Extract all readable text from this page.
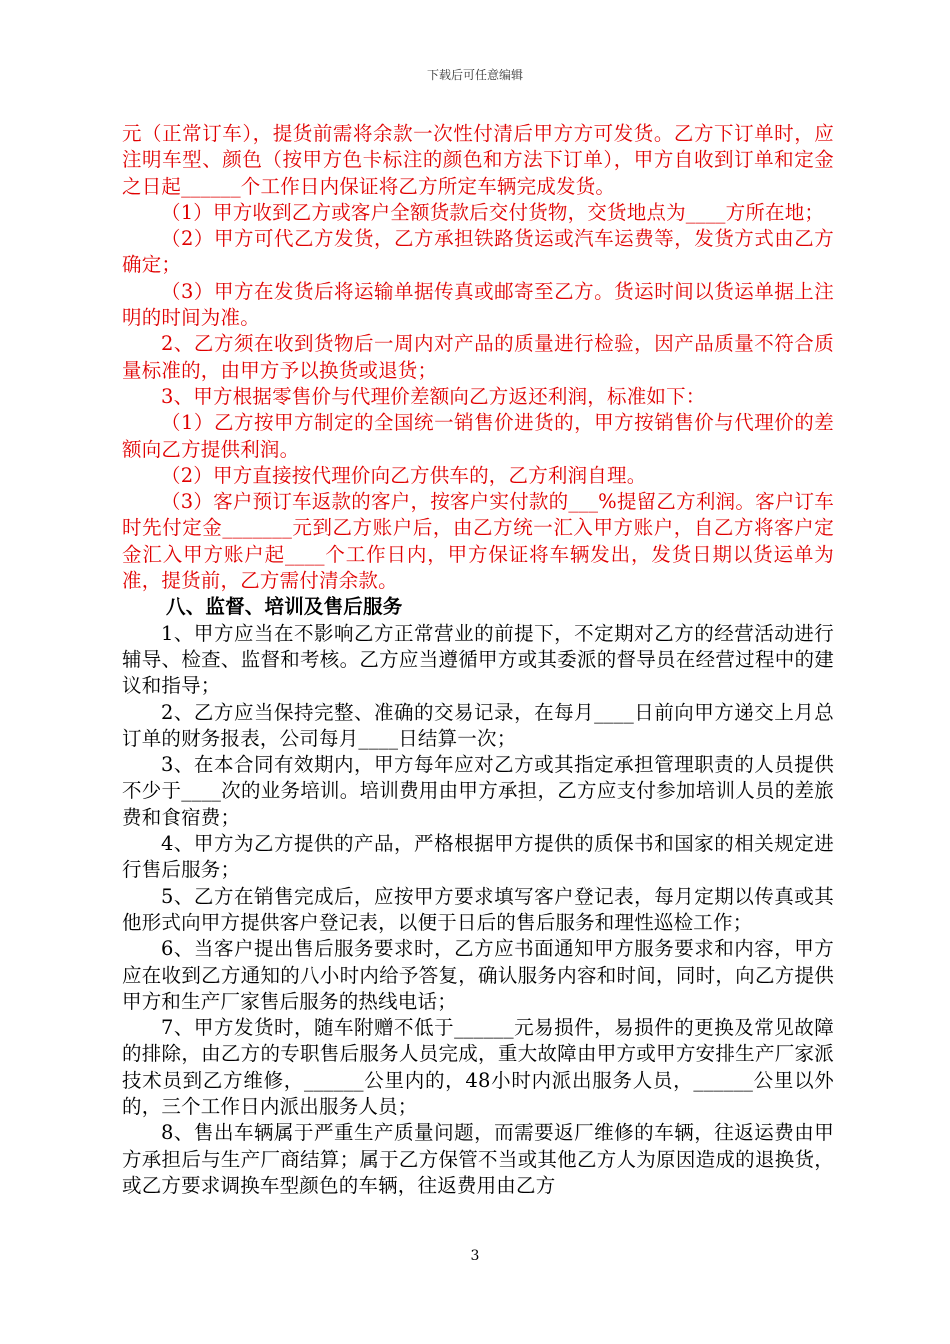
下载后可任意编辑

元（正常订车），提货前需将余款一次性付清后甲方方可发货。乙方下订单时，应注明车型、颜色（按甲方色卡标注的颜色和方法下订单），甲方自收到订单和定金之日起______个工作日内保证将乙方所定车辆完成发货。

（1）甲方收到乙方或客户全额货款后交付货物，交货地点为____方所在地；

（2）甲方可代乙方发货，乙方承担铁路货运或汽车运费等，发货方式由乙方确定；

（3）甲方在发货后将运输单据传真或邮寄至乙方。货运时间以货运单据上注明的时间为准。

2、乙方须在收到货物后一周内对产品的质量进行检验，因产品质量不符合质量标准的，由甲方予以换货或退货；

3、甲方根据零售价与代理价差额向乙方返还利润，标准如下：

（1）乙方按甲方制定的全国统一销售价进货的，甲方按销售价与代理价的差额向乙方提供利润。

（2）甲方直接按代理价向乙方供车的，乙方利润自理。

（3）客户预订车返款的客户，按客户实付款的___%提留乙方利润。客户订车时先付定金_______元到乙方账户后，由乙方统一汇入甲方账户，自乙方将客户定金汇入甲方账户起____个工作日内，甲方保证将车辆发出，发货日期以货运单为准，提货前，乙方需付清余款。

八、监督、培训及售后服务

1、甲方应当在不影响乙方正常营业的前提下，不定期对乙方的经营活动进行辅导、检查、监督和考核。乙方应当遵循甲方或其委派的督导员在经营过程中的建议和指导；

2、乙方应当保持完整、准确的交易记录，在每月____日前向甲方递交上月总订单的财务报表，公司每月____日结算一次；

3、在本合同有效期内，甲方每年应对乙方或其指定承担管理职责的人员提供不少于____次的业务培训。培训费用由甲方承担，乙方应支付参加培训人员的差旅费和食宿费；

4、甲方为乙方提供的产品，严格根据甲方提供的质保书和国家的相关规定进行售后服务；

5、乙方在销售完成后，应按甲方要求填写客户登记表，每月定期以传真或其他形式向甲方提供客户登记表，以便于日后的售后服务和理性巡检工作；

6、当客户提出售后服务要求时，乙方应书面通知甲方服务要求和内容，甲方应在收到乙方通知的八小时内给予答复，确认服务内容和时间，同时，向乙方提供甲方和生产厂家售后服务的热线电话；

7、甲方发货时，随车附赠不低于______元易损件，易损件的更换及常见故障的排除，由乙方的专职售后服务人员完成，重大故障由甲方或甲方安排生产厂家派技术员到乙方维修，______公里内的，48小时内派出服务人员，______公里以外的，三个工作日内派出服务人员；

8、售出车辆属于严重生产质量问题，而需要返厂维修的车辆，往返运费由甲方承担后与生产厂商结算；属于乙方保管不当或其他乙方人为原因造成的退换货，或乙方要求调换车型颜色的车辆，往返费用由乙方

3
